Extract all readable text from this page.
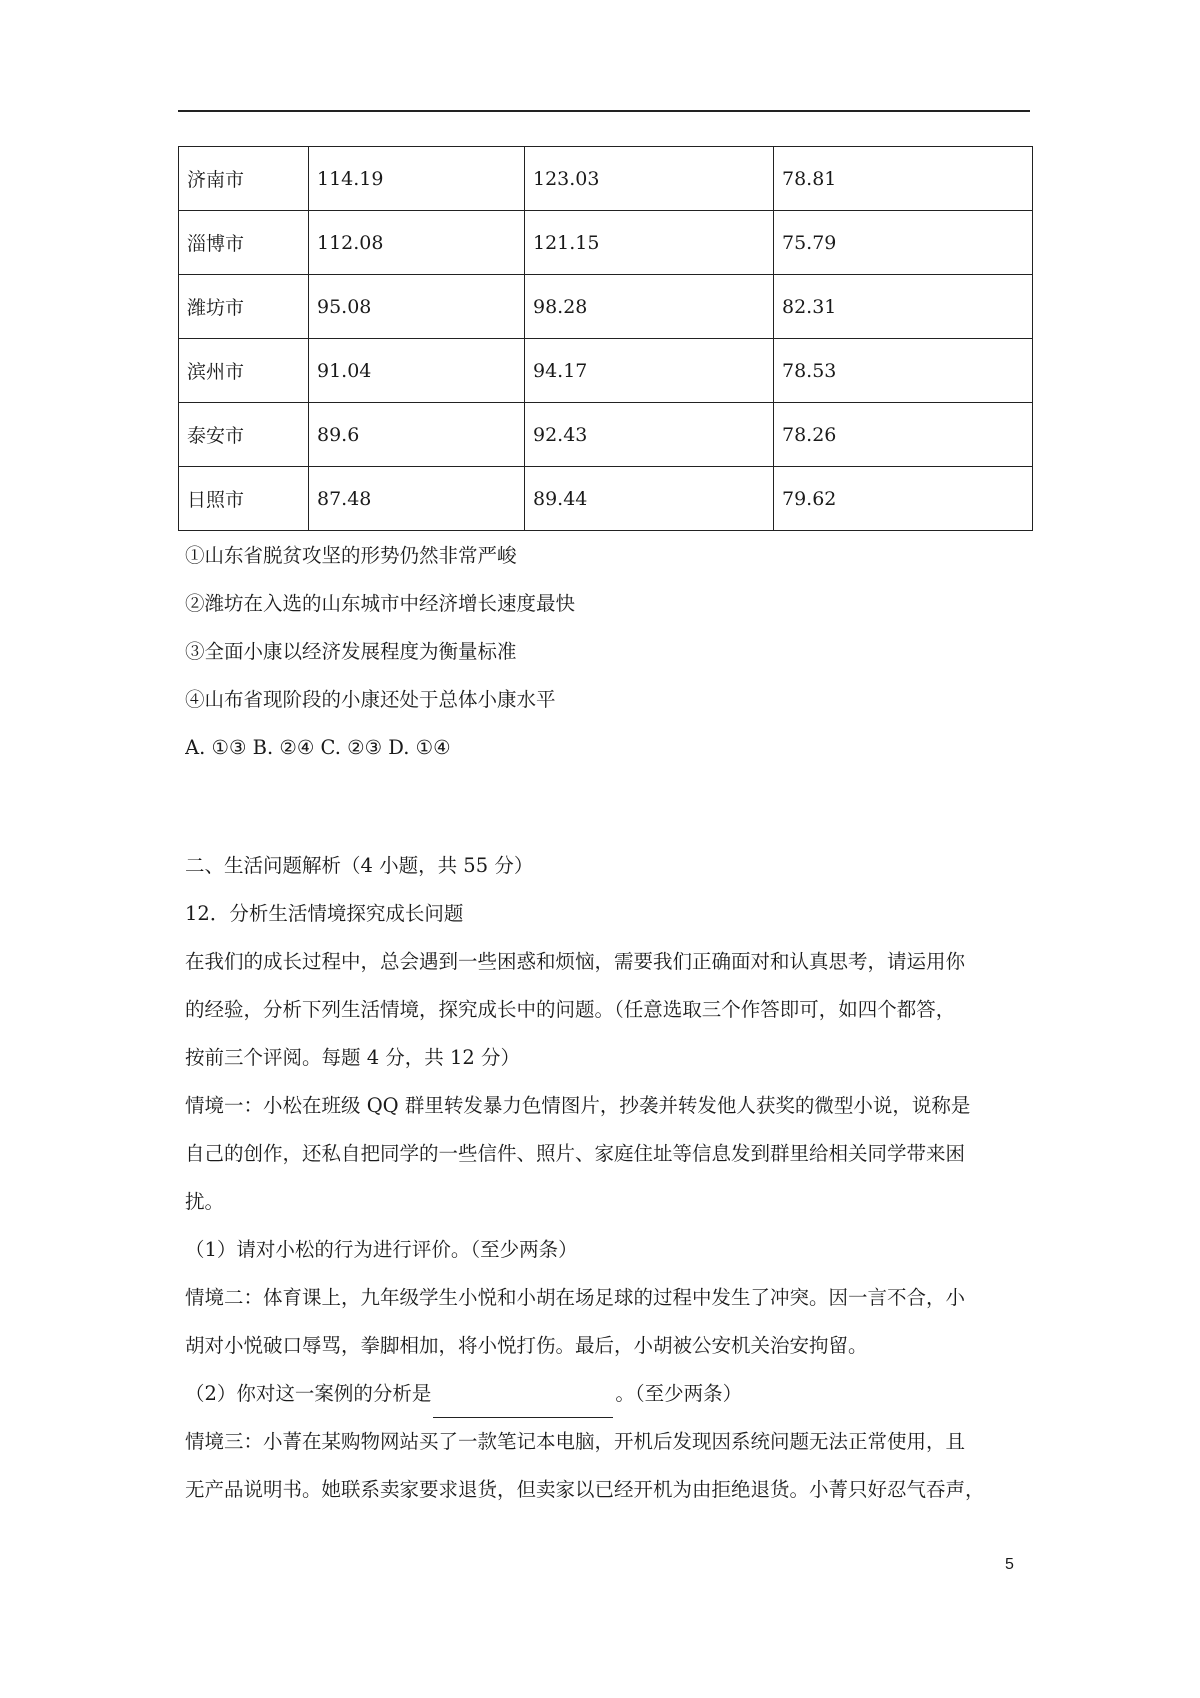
济南市	114.19	123.03	78.81
淄博市	112.08	121.15	75.79
潍坊市	95.08	98.28	82.31
滨州市	91.04	94.17	78.53
泰安市	89.6	92.43	78.26
日照市	87.48	89.44	79.62
①山东省脱贫攻坚的形势仍然非常严峻
②潍坊在入选的山东城市中经济增长速度最快
③全面小康以经济发展程度为衡量标准
④山布省现阶段的小康还处于总体小康水平
A. ①③ B. ②④ C. ②③ D. ①④
二、生活问题解析（4 小题，共 55 分）
12．分析生活情境探究成长问题
在我们的成长过程中，总会遇到一些困惑和烦恼，需要我们正确面对和认真思考，请运用你
的经验，分析下列生活情境，探究成长中的问题。（任意选取三个作答即可，如四个都答，
按前三个评阅。每题 4 分，共 12 分）
情境一：小松在班级 QQ 群里转发暴力色情图片，抄袭并转发他人获奖的微型小说，说称是
自己的创作，还私自把同学的一些信件、照片、家庭住址等信息发到群里给相关同学带来困
扰。
（1）请对小松的行为进行评价。（至少两条）
情境二：体育课上，九年级学生小悦和小胡在场足球的过程中发生了冲突。因一言不合，小
胡对小悦破口辱骂，拳脚相加，将小悦打伤。最后，小胡被公安机关治安拘留。
（2）你对这一案例的分析是	。（至少两条）
情境三：小菁在某购物网站买了一款笔记本电脑，开机后发现因系统问题无法正常使用，且
无产品说明书。她联系卖家要求退货，但卖家以已经开机为由拒绝退货。小菁只好忍气吞声，
5
